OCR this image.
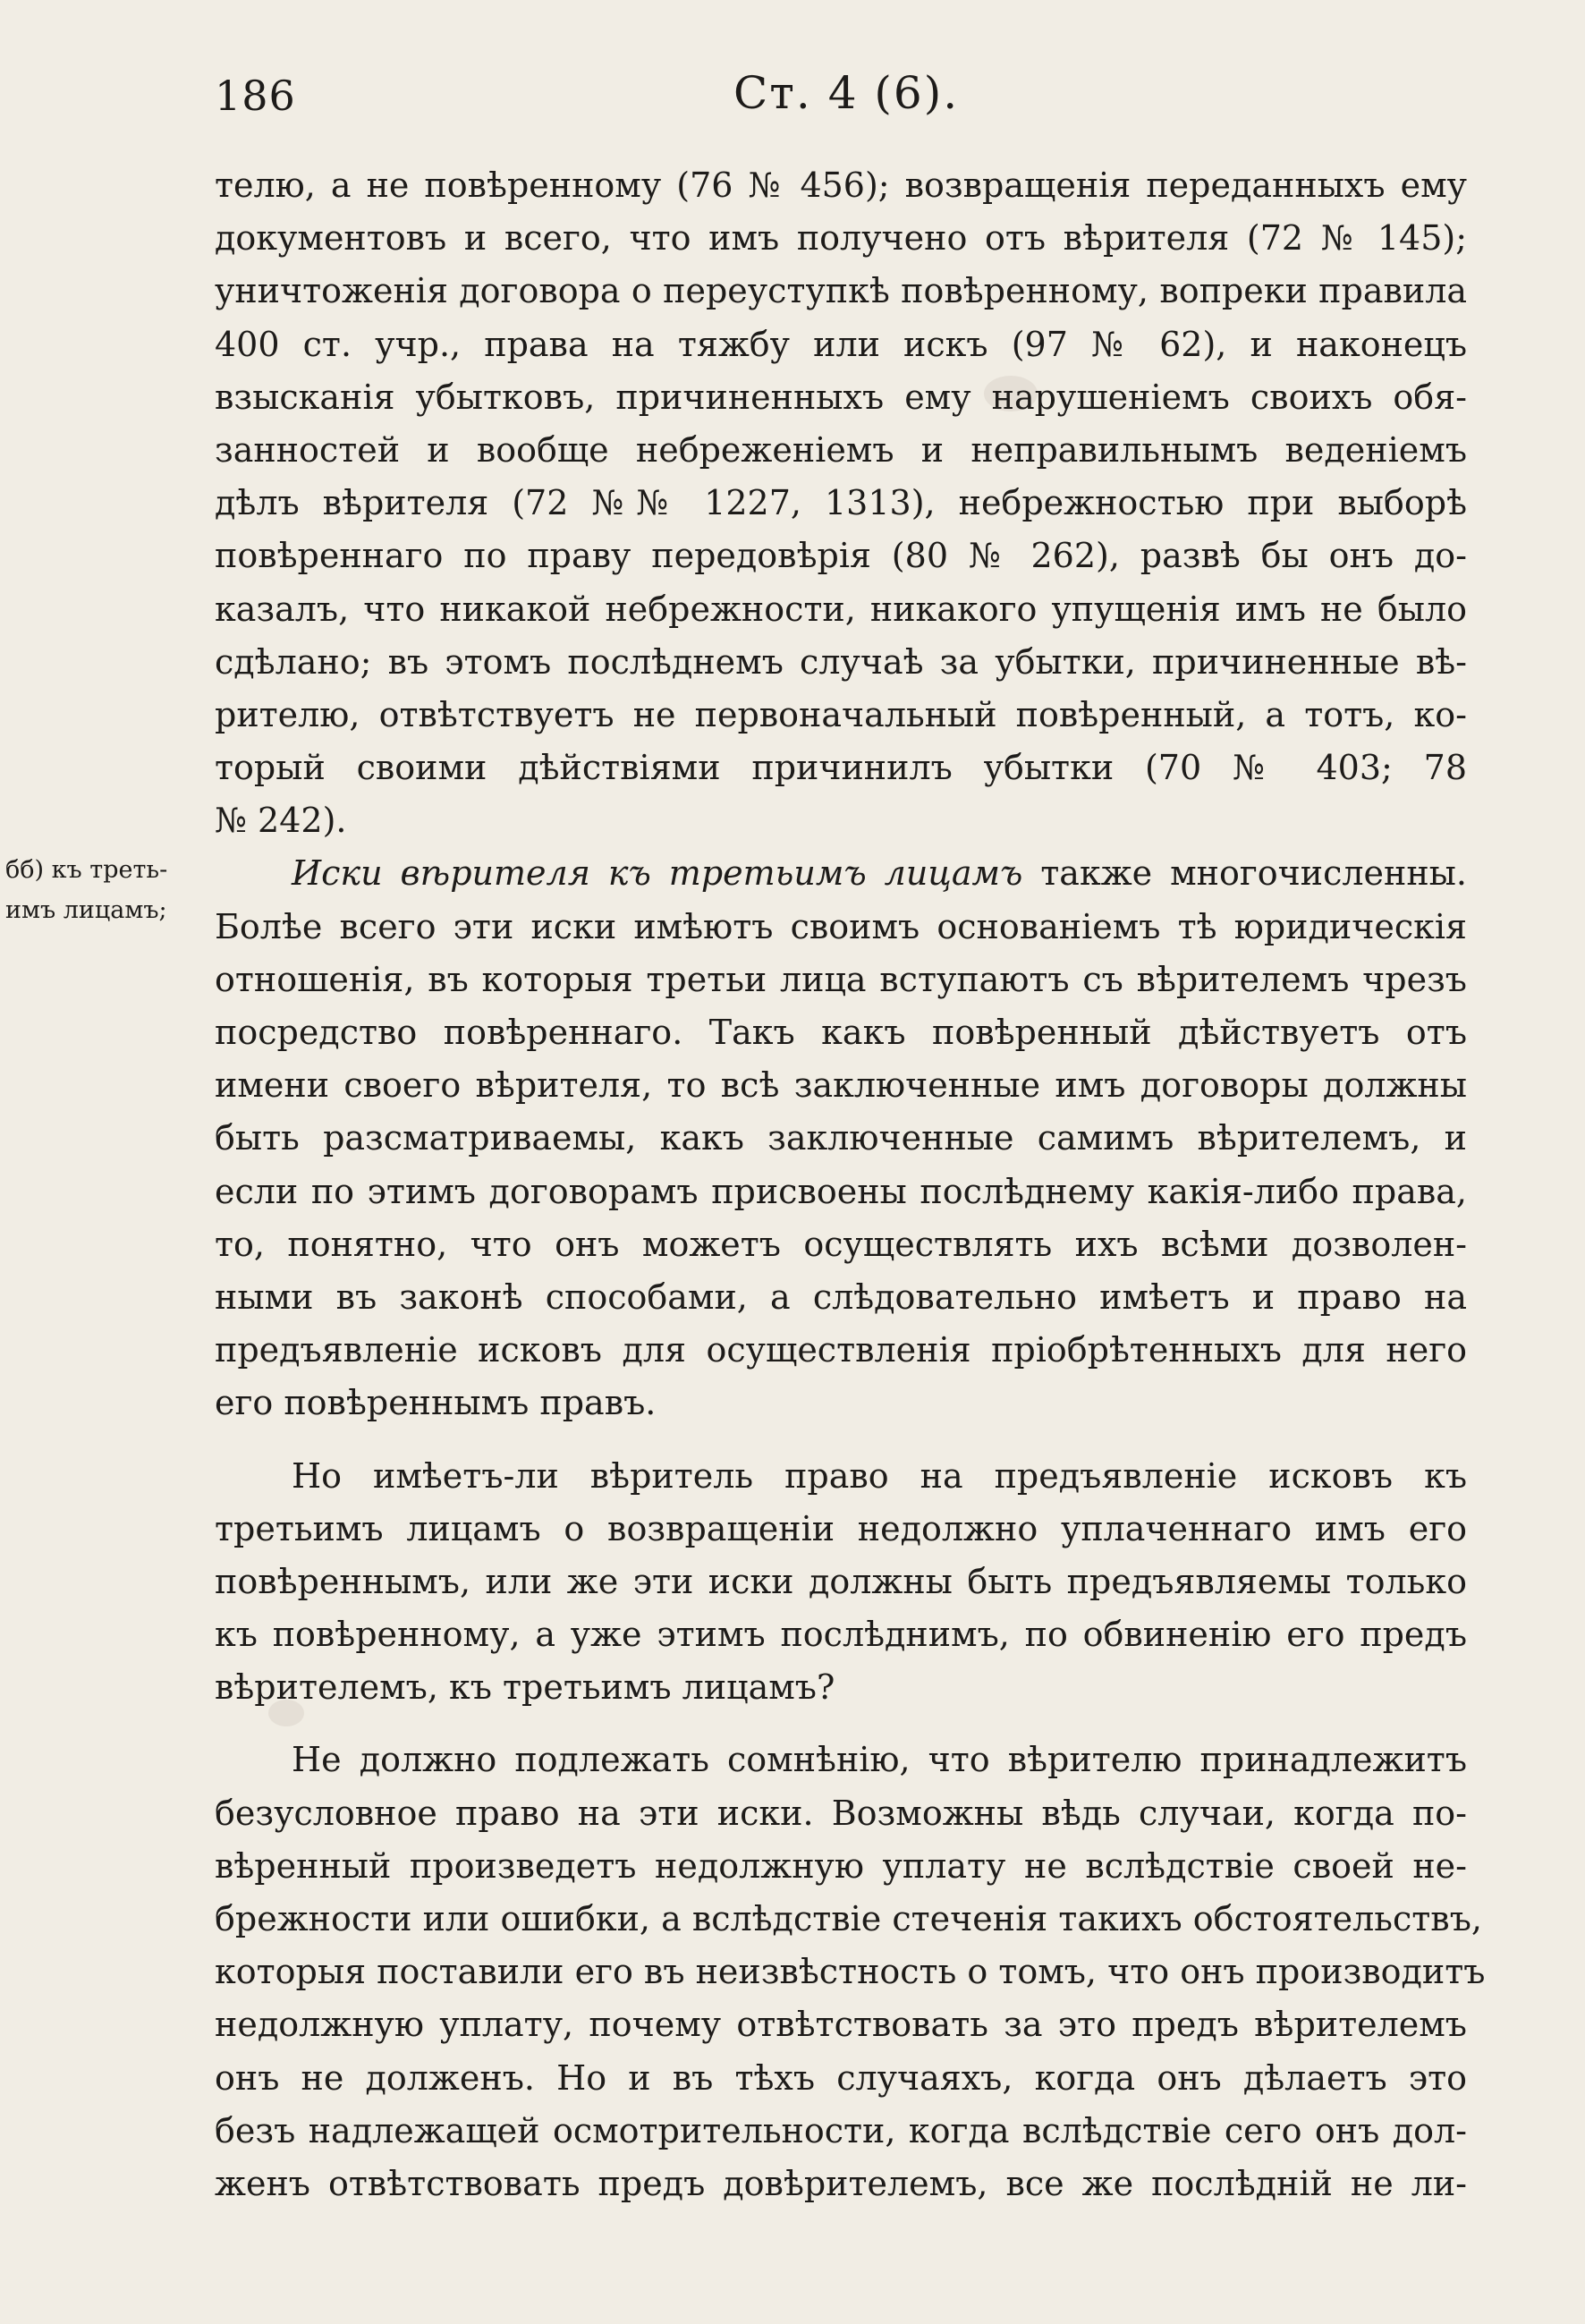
186	Ст. 4 (6).
бб) къ треть-
имъ лицамъ;
телю, а не повѣренному (76 № 456); возвращенія переданныхъ ему
документовъ и всего, что имъ получено отъ вѣрителя (72 № 145);
уничтоженія договора о переуступкѣ повѣренному, вопреки правила
400 ст. учр., права на тяжбу или искъ (97 № 62), и наконецъ
взысканія убытковъ, причиненныхъ ему нарушеніемъ своихъ обя-
занностей и вообще небреженіемъ и неправильнымъ веденіемъ
дѣлъ вѣрителя (72 №№ 1227, 1313), небрежностью при выборѣ
повѣреннаго по праву передовѣрія (80 № 262), развѣ бы онъ до-
казалъ, что никакой небрежности, никакого упущенія имъ не было
сдѣлано; въ этомъ послѣднемъ случаѣ за убытки, причиненные вѣ-
рителю, отвѣтствуетъ не первоначальный повѣренный, а тотъ, ко-
торый своими дѣйствіями причинилъ убытки (70 № 403; 78
№ 242).
Иски вѣрителя къ третьимъ лицамъ также многочисленны.
Болѣе всего эти иски имѣютъ своимъ основаніемъ тѣ юридическія
отношенія, въ которыя третьи лица вступаютъ съ вѣрителемъ чрезъ
посредство повѣреннаго. Такъ какъ повѣренный дѣйствуетъ отъ
имени своего вѣрителя, то всѣ заключенные имъ договоры должны
быть разсматриваемы, какъ заключенные самимъ вѣрителемъ, и
если по этимъ договорамъ присвоены послѣднему какія-либо права,
то, понятно, что онъ можетъ осуществлять ихъ всѣми дозволен-
ными въ законѣ способами, а слѣдовательно имѣетъ и право на
предъявленіе исковъ для осуществленія пріобрѣтенныхъ для него
его повѣреннымъ правъ.
Но имѣетъ-ли вѣритель право на предъявленіе исковъ къ
третьимъ лицамъ о возвращеніи недолжно уплаченнаго имъ его
повѣреннымъ, или же эти иски должны быть предъявляемы только
къ повѣренному, а уже этимъ послѣднимъ, по обвиненію его предъ
вѣрителемъ, къ третьимъ лицамъ?
Не должно подлежать сомнѣнію, что вѣрителю принадлежитъ
безусловное право на эти иски. Возможны вѣдь случаи, когда по-
вѣренный произведетъ недолжную уплату не вслѣдствіе своей не-
брежности или ошибки, а вслѣдствіе стеченія такихъ обстоятельствъ,
которыя поставили его въ неизвѣстность о томъ, что онъ производитъ
недолжную уплату, почему отвѣтствовать за это предъ вѣрителемъ
онъ не долженъ. Но и въ тѣхъ случаяхъ, когда онъ дѣлаетъ это
безъ надлежащей осмотрительности, когда вслѣдствіе сего онъ дол-
женъ отвѣтствовать предъ довѣрителемъ, все же послѣдній не ли-
